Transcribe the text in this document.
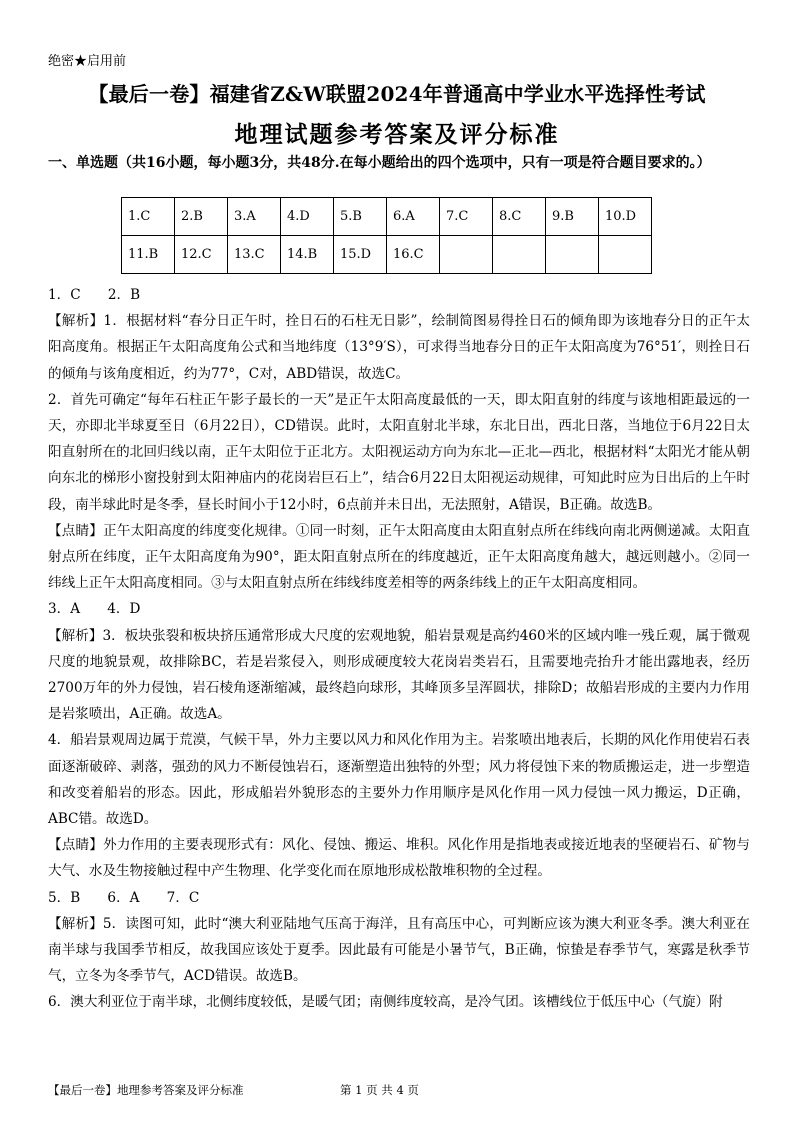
绝密★启用前
【最后一卷】福建省Z&W联盟2024年普通高中学业水平选择性考试
地理试题参考答案及评分标准
一、单选题（共16小题，每小题3分，共48分.在每小题给出的四个选项中，只有一项是符合题目要求的。）
1.C	2.B	3.A	4.D	5.B	6.A	7.C	8.C	9.B	10.D
11.B	12.C	13.C	14.B	15.D	16.C				

1．C　　2．B

【解析】1．根据材料“春分日正午时，拴日石的石柱无日影”，绘制简图易得拴日石的倾角即为该地春分日的正午太阳高度角。根据正午太阳高度角公式和当地纬度（13°9′S），可求得当地春分日的正午太阳高度为76°51′，则拴日石的倾角与该角度相近，约为77°，C对，ABD错误，故选C。

2．首先可确定“每年石柱正午影子最长的一天”是正午太阳高度最低的一天，即太阳直射的纬度与该地相距最远的一天，亦即北半球夏至日（6月22日），CD错误。此时，太阳直射北半球，东北日出，西北日落，当地位于6月22日太阳直射所在的北回归线以南，正午太阳位于正北方。太阳视运动方向为东北—正北—西北，根据材料“太阳光才能从朝向东北的梯形小窗投射到太阳神庙内的花岗岩巨石上”，结合6月22日太阳视运动规律，可知此时应为日出后的上午时段，南半球此时是冬季，昼长时间小于12小时，6点前并未日出，无法照射，A错误，B正确。故选B。

【点睛】正午太阳高度的纬度变化规律。①同一时刻，正午太阳高度由太阳直射点所在纬线向南北两侧递减。太阳直射点所在纬度，正午太阳高度角为90°，距太阳直射点所在的纬度越近，正午太阳高度角越大，越远则越小。②同一纬线上正午太阳高度相同。③与太阳直射点所在纬线纬度差相等的两条纬线上的正午太阳高度相同。

3．A　　4．D

【解析】3．板块张裂和板块挤压通常形成大尺度的宏观地貌，船岩景观是高约460米的区域内唯一残丘观，属于微观尺度的地貌景观，故排除BC，若是岩浆侵入，则形成硬度较大花岗岩类岩石，且需要地壳抬升才能出露地表，经历2700万年的外力侵蚀，岩石棱角逐渐缩减，最终趋向球形，其峰顶多呈浑圆状，排除D；故船岩形成的主要内力作用是岩浆喷出，A正确。故选A。

4．船岩景观周边属于荒漠，气候干旱，外力主要以风力和风化作用为主。岩浆喷出地表后，长期的风化作用使岩石表面逐渐破碎、剥落，强劲的风力不断侵蚀岩石，逐渐塑造出独特的外型；风力将侵蚀下来的物质搬运走，进一步塑造和改变着船岩的形态。因此，形成船岩外貌形态的主要外力作用顺序是风化作用一风力侵蚀一风力搬运，D正确，ABC错。故选D。

【点睛】外力作用的主要表现形式有：风化、侵蚀、搬运、堆积。风化作用是指地表或接近地表的坚硬岩石、矿物与大气、水及生物接触过程中产生物理、化学变化而在原地形成松散堆积物的全过程。

5．B　　6．A　　7．C

【解析】5．读图可知，此时“澳大利亚陆地气压高于海洋，且有高压中心，可判断应该为澳大利亚冬季。澳大利亚在南半球与我国季节相反，故我国应该处于夏季。因此最有可能是小暑节气，B正确，惊蛰是春季节气，寒露是秋季节气，立冬为冬季节气，ACD错误。故选B。

6．澳大利亚位于南半球，北侧纬度较低，是暖气团；南侧纬度较高，是冷气团。该槽线位于低压中心（气旋）附

【最后一卷】地理参考答案及评分标准	第 1 页 共 4 页
